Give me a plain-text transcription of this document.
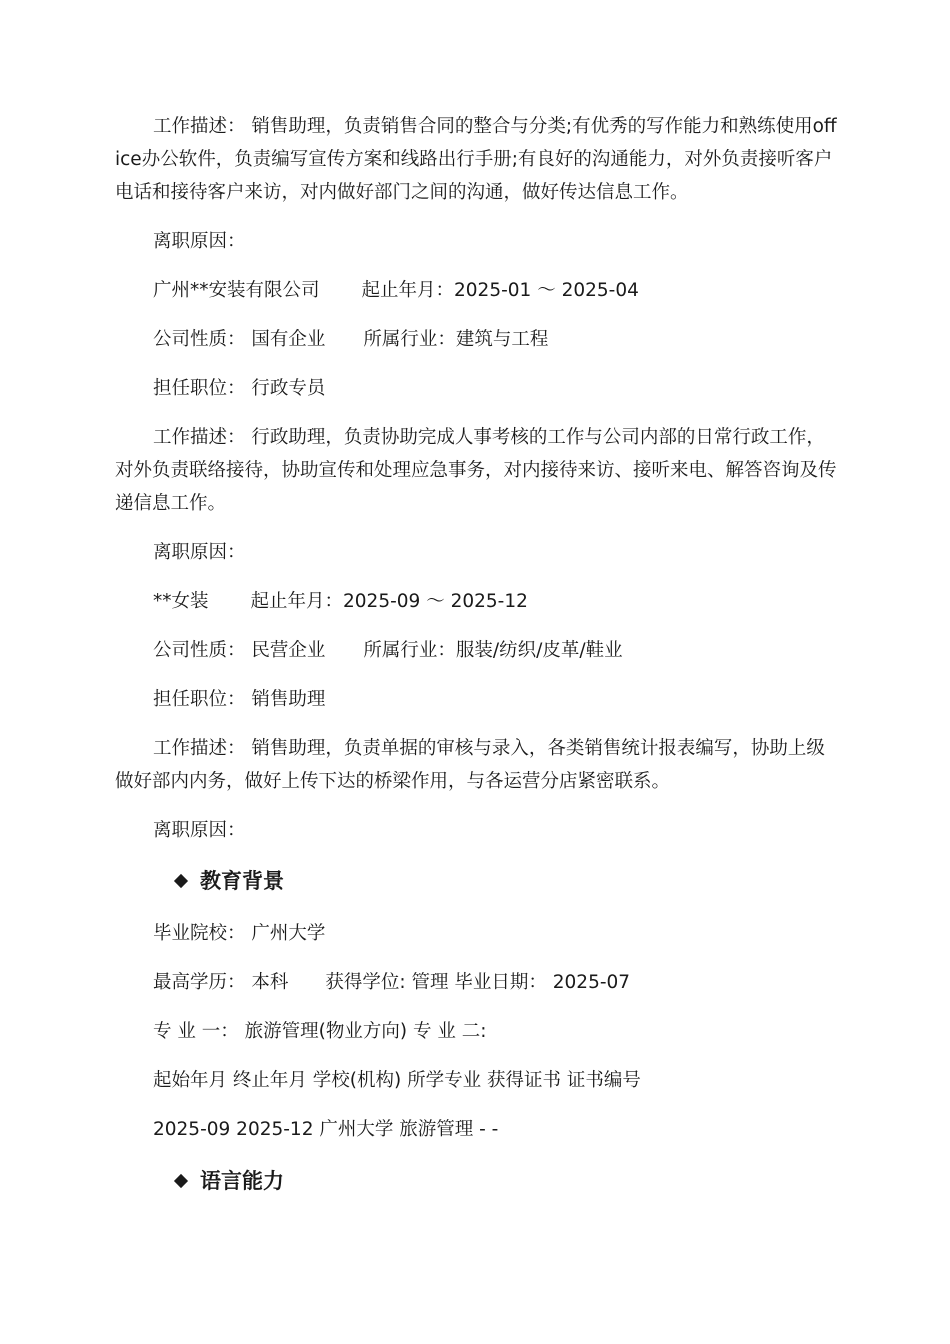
工作描述： 销售助理，负责销售合同的整合与分类;有优秀的写作能力和熟练使用office办公软件，负责编写宣传方案和线路出行手册;有良好的沟通能力，对外负责接听客户电话和接待客户来访，对内做好部门之间的沟通，做好传达信息工作。

离职原因：

广州**安装有限公司 起止年月：2025-01 ～ 2025-04
公司性质： 国有企业 所属行业：建筑与工程

担任职位： 行政专员

工作描述： 行政助理，负责协助完成人事考核的工作与公司内部的日常行政工作，对外负责联络接待，协助宣传和处理应急事务，对内接待来访、接听来电、解答咨询及传递信息工作。

离职原因：

**女装 起止年月：2025-09 ～ 2025-12
公司性质： 民营企业 所属行业：服装/纺织/皮革/鞋业

担任职位： 销售助理

工作描述： 销售助理，负责单据的审核与录入，各类销售统计报表编写，协助上级做好部内内务，做好上传下达的桥梁作用，与各运营分店紧密联系。

离职原因：

教育背景

毕业院校： 广州大学

最高学历： 本科　　获得学位: 管理 毕业日期： 2025-07

专 业 一： 旅游管理(物业方向) 专 业 二:

起始年月 终止年月 学校(机构) 所学专业 获得证书 证书编号

2025-09 2025-12 广州大学 旅游管理 - -

语言能力
